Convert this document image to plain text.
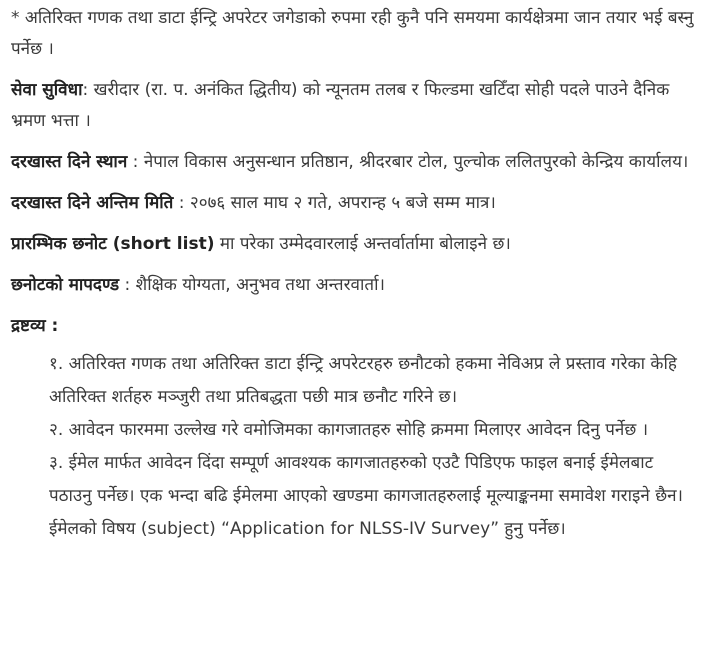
* अतिरिक्त गणक तथा डाटा ईन्ट्रि अपरेटर जगेडाको रुपमा रही कुनै पनि समयमा कार्यक्षेत्रमा जान तयार भई बस्नु पर्नेछ ।

सेवा सुविधा: खरीदार (रा. प. अनंकित द्धितीय) को न्यूनतम तलब र फिल्डमा खटिँदा सोही पदले पाउने दैनिक भ्रमण भत्ता ।

दरखास्त दिने स्थान : नेपाल विकास अनुसन्धान प्रतिष्ठान, श्रीदरबार टोल, पुल्चोक ललितपुरको केन्द्रिय कार्यालय।

दरखास्त दिने अन्तिम मिति : २०७६ साल माघ २ गते, अपरान्ह ५ बजे सम्म मात्र।

प्रारम्भिक छनोट (short list) मा परेका उम्मेदवारलाई अन्तर्वार्तामा बोलाइने छ।

छनोटको मापदण्ड : शैक्षिक योग्यता, अनुभव तथा अन्तरवार्ता।

द्रष्टव्य :
१. अतिरिक्त गणक तथा अतिरिक्त डाटा ईन्ट्रि अपरेटरहरु छनौटको हकमा नेविअप्र ले प्रस्ताव गरेका केहि अतिरिक्त शर्तहरु मञ्जुरी तथा प्रतिबद्धता पछी मात्र छनौट गरिने छ।
२. आवेदन फारममा उल्लेख गरे वमोजिमका कागजातहरु सोहि क्रममा मिलाएर आवेदन दिनु पर्नेछ ।
३. ईमेल मार्फत आवेदन दिंदा सम्पूर्ण आवश्यक कागजातहरुको एउटै पिडिएफ फाइल बनाई ईमेलबाट पठाउनु पर्नेछ। एक भन्दा बढि ईमेलमा आएको खण्डमा कागजातहरुलाई मूल्याङ्कनमा समावेश गराइने छैन। ईमेलको विषय (subject) “Application for NLSS-IV Survey” हुनु पर्नेछ।
